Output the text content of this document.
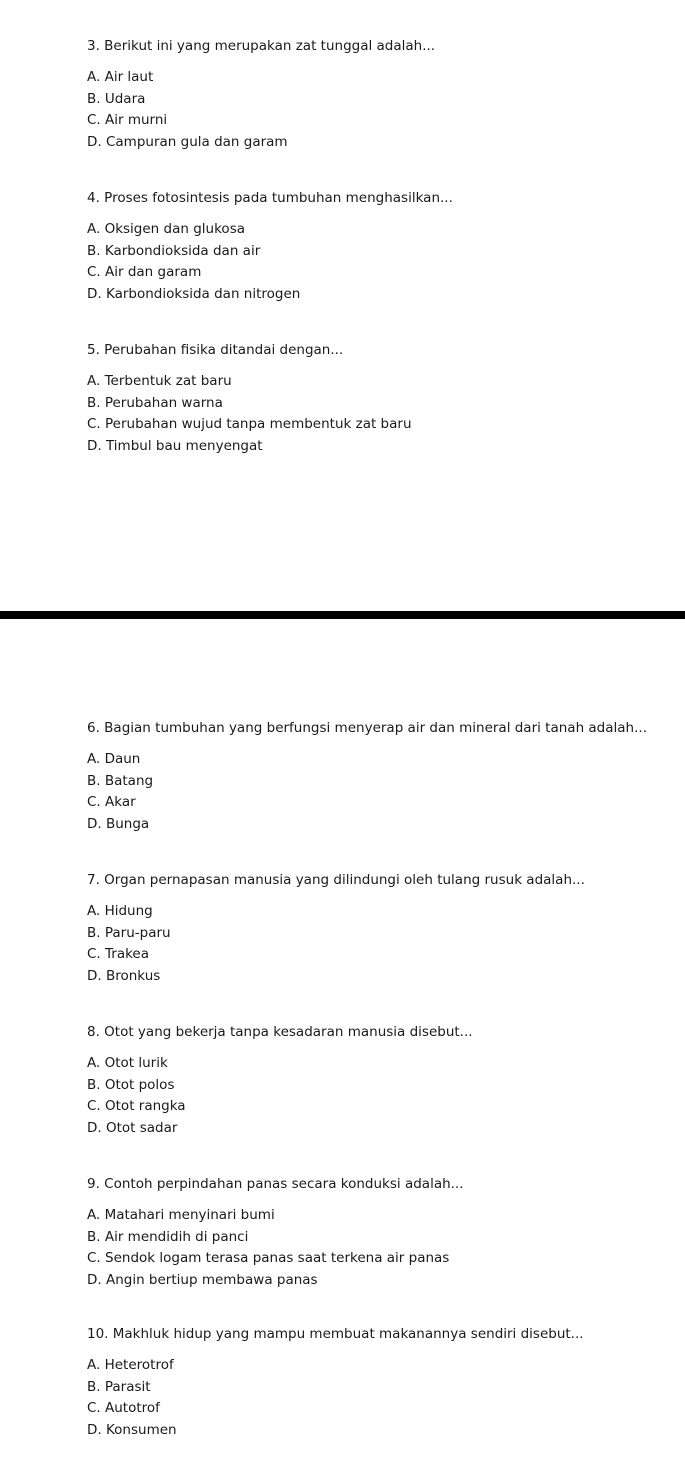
3. Berikut ini yang merupakan zat tunggal adalah...
A. Air laut
B. Udara
C. Air murni
D. Campuran gula dan garam
4. Proses fotosintesis pada tumbuhan menghasilkan...
A. Oksigen dan glukosa
B. Karbondioksida dan air
C. Air dan garam
D. Karbondioksida dan nitrogen
5. Perubahan fisika ditandai dengan...
A. Terbentuk zat baru
B. Perubahan warna
C. Perubahan wujud tanpa membentuk zat baru
D. Timbul bau menyengat
6. Bagian tumbuhan yang berfungsi menyerap air dan mineral dari tanah adalah...
A. Daun
B. Batang
C. Akar
D. Bunga
7. Organ pernapasan manusia yang dilindungi oleh tulang rusuk adalah...
A. Hidung
B. Paru-paru
C. Trakea
D. Bronkus
8. Otot yang bekerja tanpa kesadaran manusia disebut...
A. Otot lurik
B. Otot polos
C. Otot rangka
D. Otot sadar
9. Contoh perpindahan panas secara konduksi adalah...
A. Matahari menyinari bumi
B. Air mendidih di panci
C. Sendok logam terasa panas saat terkena air panas
D. Angin bertiup membawa panas
10. Makhluk hidup yang mampu membuat makanannya sendiri disebut...
A. Heterotrof
B. Parasit
C. Autotrof
D. Konsumen
